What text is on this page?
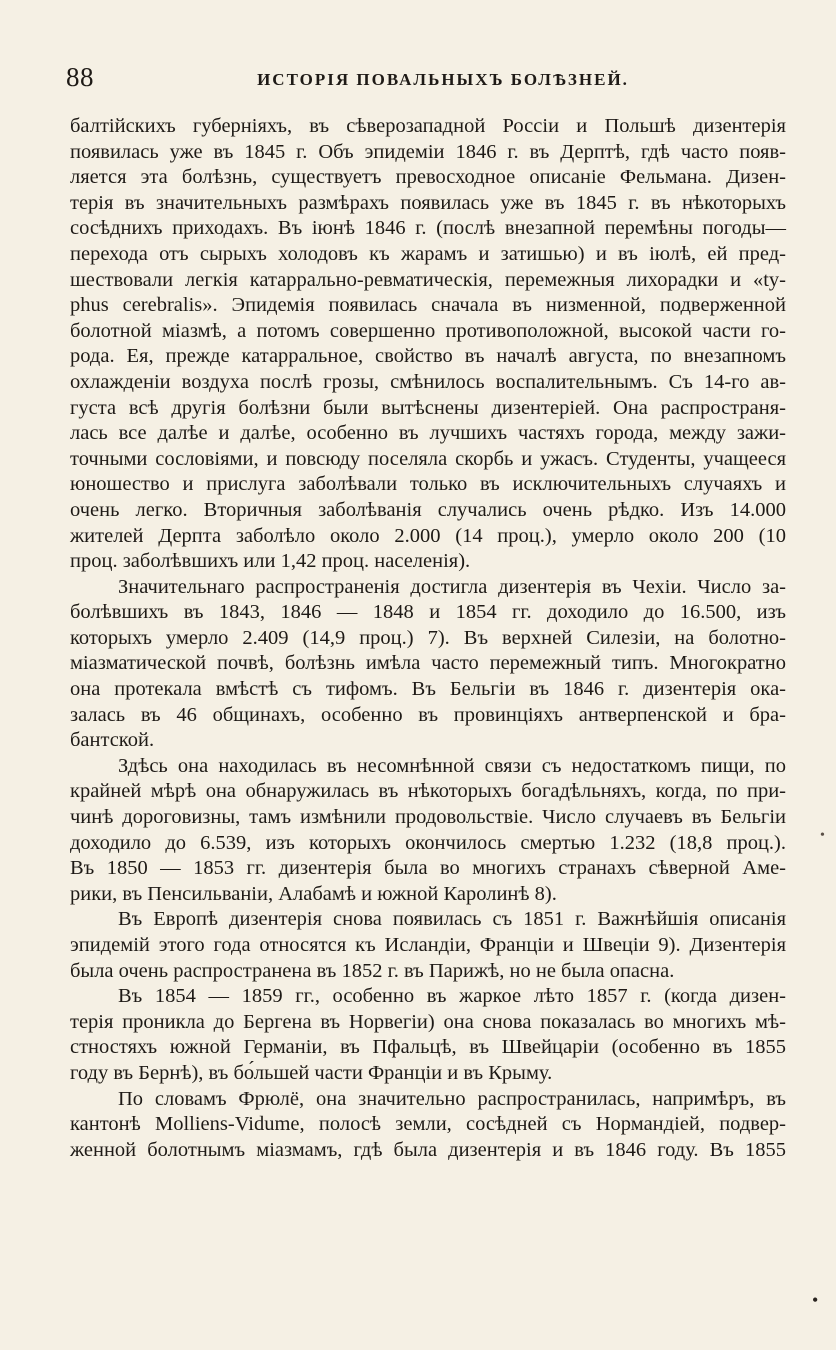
88	ИСТОРІЯ ПОВАЛЬНЫХЪ БОЛѢЗНЕЙ.
балтійскихъ губерніяхъ, въ сѣверозападной Россіи и Польшѣ дизентерія
появилась уже въ 1845 г. Объ эпидеміи 1846 г. въ Дерптѣ, гдѣ часто появ-
ляется эта болѣзнь, существуетъ превосходное описаніе Фельмана. Дизен-
терія въ значительныхъ размѣрахъ появилась уже въ 1845 г. въ нѣкоторыхъ
сосѣднихъ приходахъ. Въ іюнѣ 1846 г. (послѣ внезапной перемѣны погоды—
перехода отъ сырыхъ холодовъ къ жарамъ и затишью) и въ іюлѣ, ей пред-
шествовали легкія катаррально-ревматическія, перемежныя лихорадки и «ty-
phus cerebralis». Эпидемія появилась сначала въ низменной, подверженной
болотной міазмѣ, а потомъ совершенно противоположной, высокой части го-
рода. Ея, прежде катарральное, свойство въ началѣ августа, по внезапномъ
охлажденіи воздуха послѣ грозы, смѣнилось воспалительнымъ. Съ 14-го ав-
густа всѣ другія болѣзни были вытѣснены дизентеріей. Она распространя-
лась все далѣе и далѣе, особенно въ лучшихъ частяхъ города, между зажи-
точными сословіями, и повсюду поселяла скорбь и ужасъ. Студенты, учащееся
юношество и прислуга заболѣвали только въ исключительныхъ случаяхъ и
очень легко. Вторичныя заболѣванія случались очень рѣдко. Изъ 14.000
жителей Дерпта заболѣло около 2.000 (14 проц.), умерло около 200 (10
проц. заболѣвшихъ или 1,42 проц. населенія).
Значительнаго распространенія достигла дизентерія въ Чехіи. Число за-
болѣвшихъ въ 1843, 1846 — 1848 и 1854 гг. доходило до 16.500, изъ
которыхъ умерло 2.409 (14,9 проц.) 7). Въ верхней Силезіи, на болотно-
міазматической почвѣ, болѣзнь имѣла часто перемежный типъ. Многократно
она протекала вмѣстѣ съ тифомъ. Въ Бельгіи въ 1846 г. дизентерія ока-
залась въ 46 общинахъ, особенно въ провинціяхъ антверпенской и бра-
бантской.
Здѣсь она находилась въ несомнѣнной связи съ недостаткомъ пищи, по
крайней мѣрѣ она обнаружилась въ нѣкоторыхъ богадѣльняхъ, когда, по при-
чинѣ дороговизны, тамъ измѣнили продовольствіе. Число случаевъ въ Бельгіи
доходило до 6.539, изъ которыхъ окончилось смертью 1.232 (18,8 проц.).
Въ 1850 — 1853 гг. дизентерія была во многихъ странахъ сѣверной Аме-
рики, въ Пенсильваніи, Алабамѣ и южной Каролинѣ 8).
Въ Европѣ дизентерія снова появилась съ 1851 г. Важнѣйшія описанія
эпидемій этого года относятся къ Исландіи, Франціи и Швеціи 9). Дизентерія
была очень распространена въ 1852 г. въ Парижѣ, но не была опасна.
Въ 1854 — 1859 гг., особенно въ жаркое лѣто 1857 г. (когда дизен-
терія проникла до Бергена въ Норвегіи) она снова показалась во многихъ мѣ-
стностяхъ южной Германіи, въ Пфальцѣ, въ Швейцаріи (особенно въ 1855
году въ Бернѣ), въ бо́льшей части Франціи и въ Крыму.
По словамъ Фрюлё, она значительно распространилась, напримѣръ, въ
кантонѣ Molliens-Vidume, полосѣ земли, сосѣдней съ Нормандіей, подвер-
женной болотнымъ міазмамъ, гдѣ была дизентерія и въ 1846 году. Въ 1855
•
•
